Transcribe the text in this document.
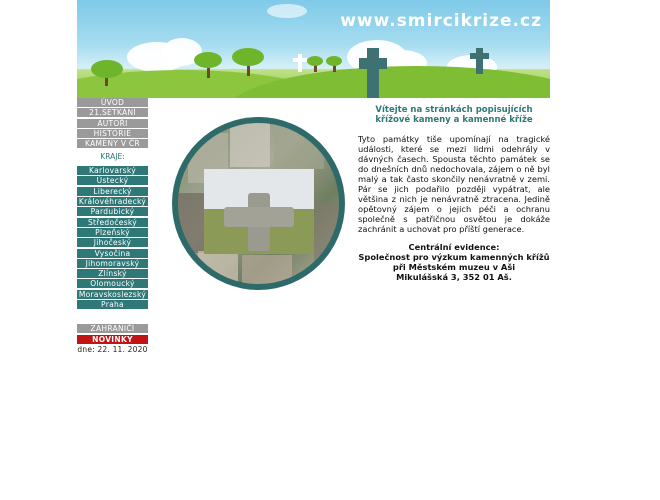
www.smircikrize.cz
ÚVOD
21.SETKÁNÍ
AUTOŘI
HISTORIE
KAMENY V ČR
KRAJE:
Karlovarský
Ústecký
Liberecký
Královéhradecký
Pardubický
Středočeský
Plzeňský
Jihočeský
Vysočina
Jihomoravský
Zlínský
Olomoucký
Moravskoslezský
Praha
ZAHRANIČÍ
NOVINKY
dne: 22. 11. 2020

Vítejte na stránkách popisujících
křížové kameny a kamenné kříže

Tyto památky tiše upomínají na tragické události, které se mezi lidmi odehrály v dávných časech. Spousta těchto památek se do dnešních dnů nedochovala, zájem o ně byl malý a tak často skončily nenávratně v zemi. Pár se jich podařilo později vypátrat, ale většina z nich je nenávratně ztracena. Jedině opětovný zájem o jejich péči a ochranu společně s patřičnou osvětou je dokáže zachránit a uchovat pro příští generace.

Centrální evidence:
Společnost pro výzkum kamenných křížů
při Městském muzeu v Aši
Mikulášská 3, 352 01 Aš.
